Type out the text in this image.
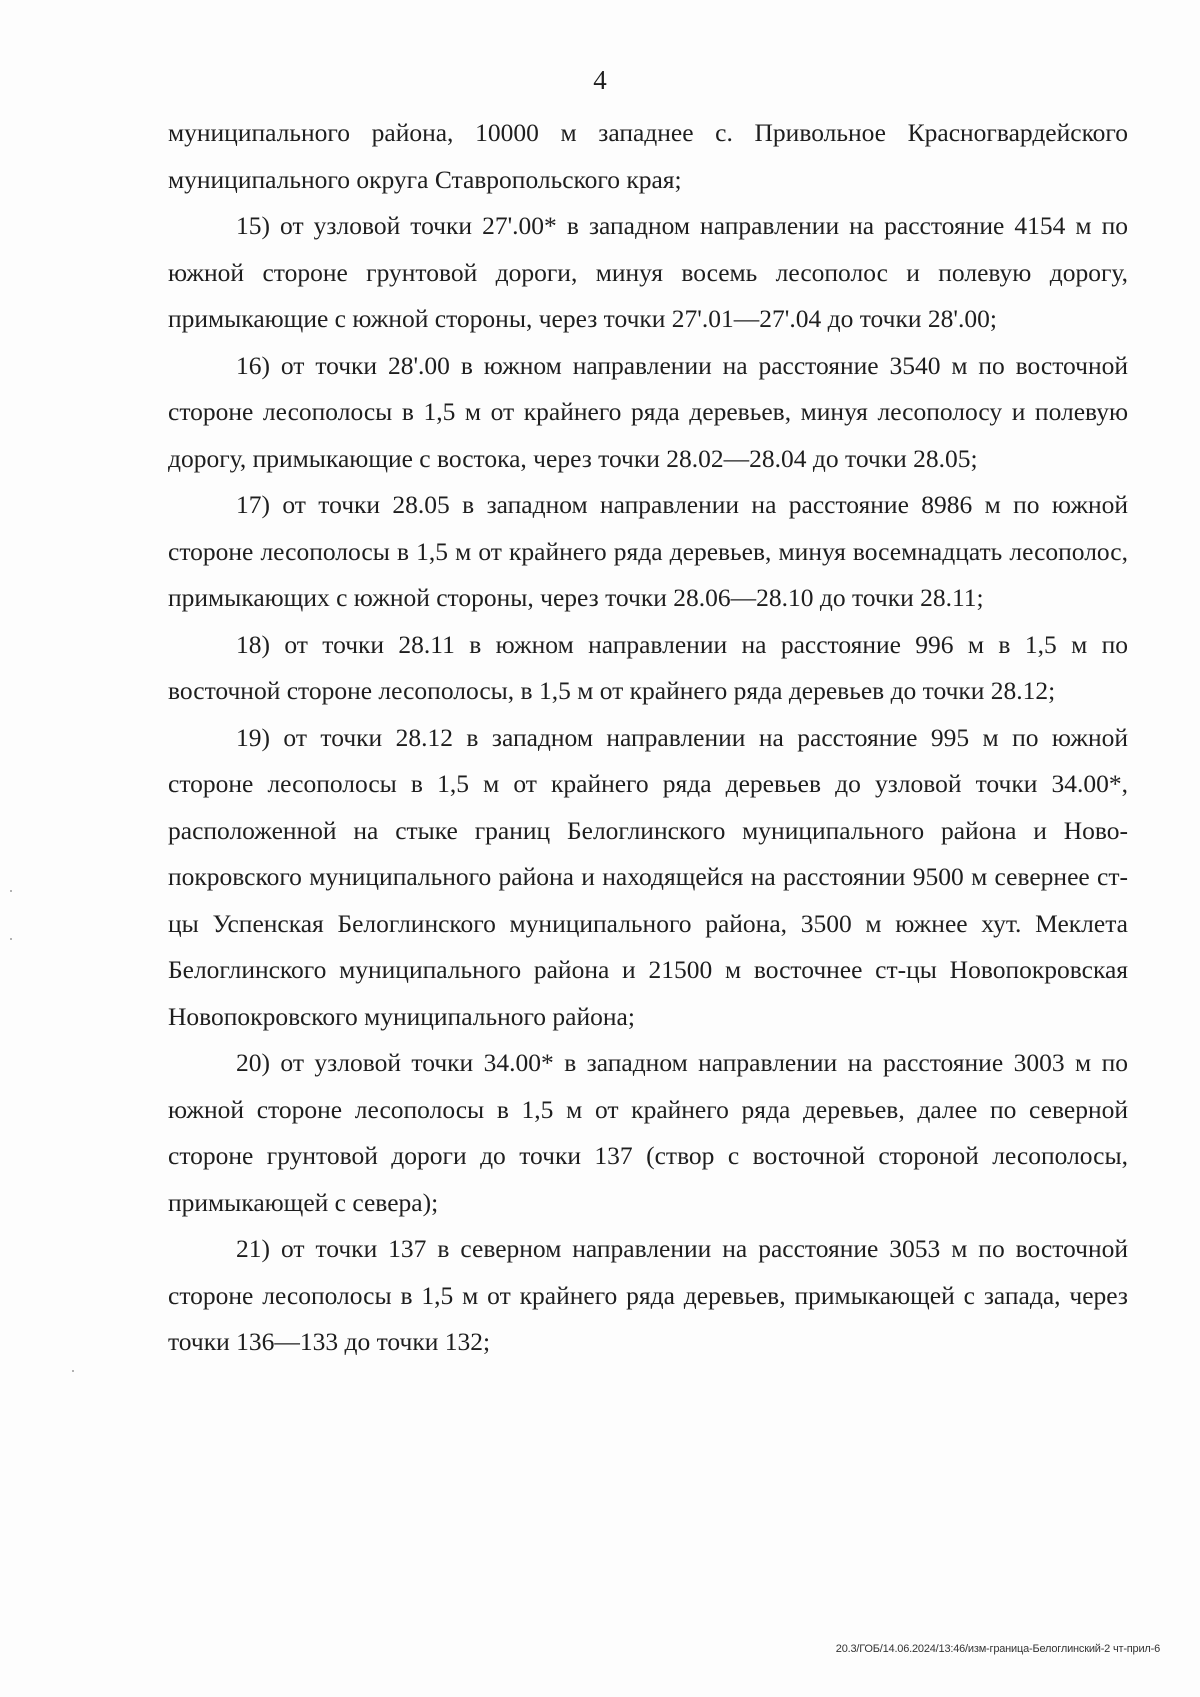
4

муниципального района, 10000 м западнее с. Привольное Красногвардейского муниципального округа Ставропольского края;

15) от узловой точки 27'.00* в западном направлении на расстояние 4154 м по южной стороне грунтовой дороги, минуя восемь лесополос и полевую дорогу, примыкающие с южной стороны, через точки 27'.01—27'.04 до точки 28'.00;

16) от точки 28'.00 в южном направлении на расстояние 3540 м по восточной стороне лесополосы в 1,5 м от крайнего ряда деревьев, минуя лесополосу и полевую дорогу, примыкающие с востока, через точки 28.02—28.04 до точки 28.05;

17) от точки 28.05 в западном направлении на расстояние 8986 м по южной стороне лесополосы в 1,5 м от крайнего ряда деревьев, минуя восемнадцать лесополос, примыкающих с южной стороны, через точки 28.06—28.10 до точки 28.11;

18) от точки 28.11 в южном направлении на расстояние 996 м в 1,5 м по восточной стороне лесополосы, в 1,5 м от крайнего ряда деревьев до точки 28.12;

19) от точки 28.12 в западном направлении на расстояние 995 м по южной стороне лесополосы в 1,5 м от крайнего ряда деревьев до узловой точки 34.00*, расположенной на стыке границ Белоглинского муниципального района и Новопокровского муниципального района и находящейся на расстоянии 9500 м севернее ст-цы Успенская Белоглинского муниципального района, 3500 м южнее хут. Меклета Белоглинского муниципального района и 21500 м восточнее ст-цы Новопокровская Новопокровского муниципального района;

20) от узловой точки 34.00* в западном направлении на расстояние 3003 м по южной стороне лесополосы в 1,5 м от крайнего ряда деревьев, далее по северной стороне грунтовой дороги до точки 137 (створ с восточной стороной лесополосы, примыкающей с севера);

21) от точки 137 в северном направлении на расстояние 3053 м по восточной стороне лесополосы в 1,5 м от крайнего ряда деревьев, примыкающей с запада, через точки 136—133 до точки 132;

20.3/ГОБ/14.06.2024/13:46/изм-граница-Белоглинский-2 чт-прил-6
